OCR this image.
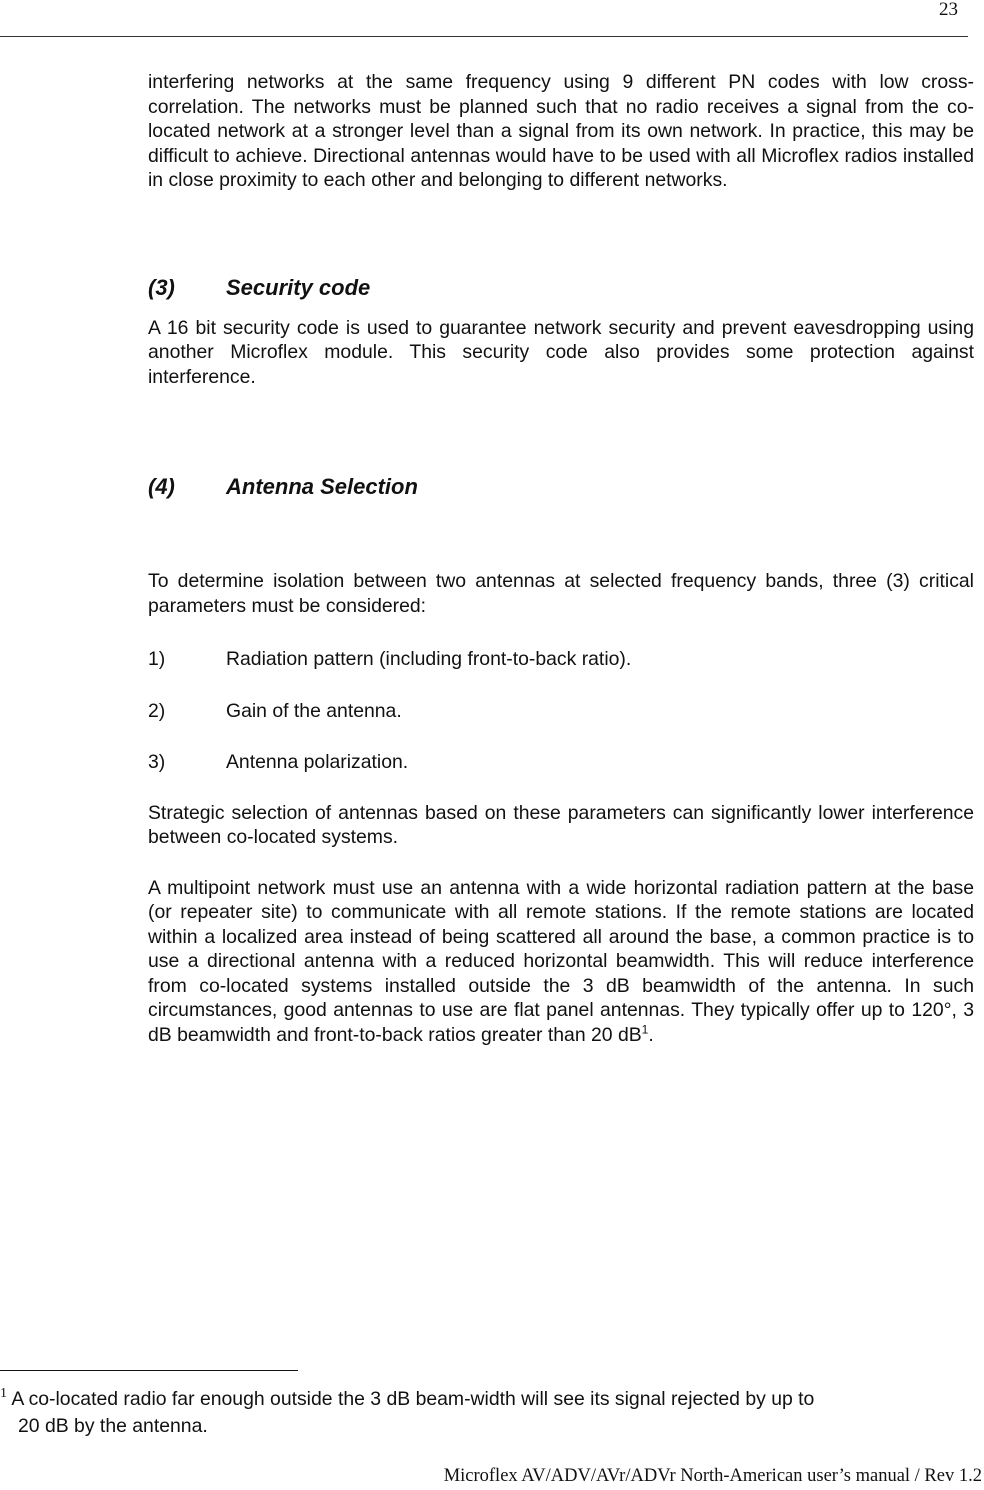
23

interfering networks at the same frequency using 9 different PN codes with low cross-correlation. The networks must be planned such that no radio receives a signal from the co-located network at a stronger level than a signal from its own network. In practice, this may be difficult to achieve. Directional antennas would have to be used with all Microflex radios installed in close proximity to each other and belonging to different networks.

(3)	Security code

A 16 bit security code is used to guarantee network security and prevent eavesdropping using another Microflex module. This security code also provides some protection against interference.

(4)	Antenna Selection

To determine isolation between two antennas at selected frequency bands, three (3) critical parameters must be considered:

1)	Radiation pattern (including front-to-back ratio).
2)	Gain of the antenna.
3)	Antenna polarization.

Strategic selection of antennas based on these parameters can significantly lower interference between co-located systems.

A multipoint network must use an antenna with a wide horizontal radiation pattern at the base (or repeater site) to communicate with all remote stations. If the remote stations are located within a localized area instead of being scattered all around the base, a common practice is to use a directional antenna with a reduced horizontal beamwidth. This will reduce interference from co-located systems installed outside the 3 dB beamwidth of the antenna. In such circumstances, good antennas to use are flat panel antennas. They typically offer up to 120°, 3 dB beamwidth and front-to-back ratios greater than 20 $dB^1$.

$^1$ A co-located radio far enough outside the 3 dB beam-width will see its signal rejected by up to
20 dB by the antenna.
Microflex AV/ADV/AVr/ADVr North-American user’s manual / Rev 1.2
